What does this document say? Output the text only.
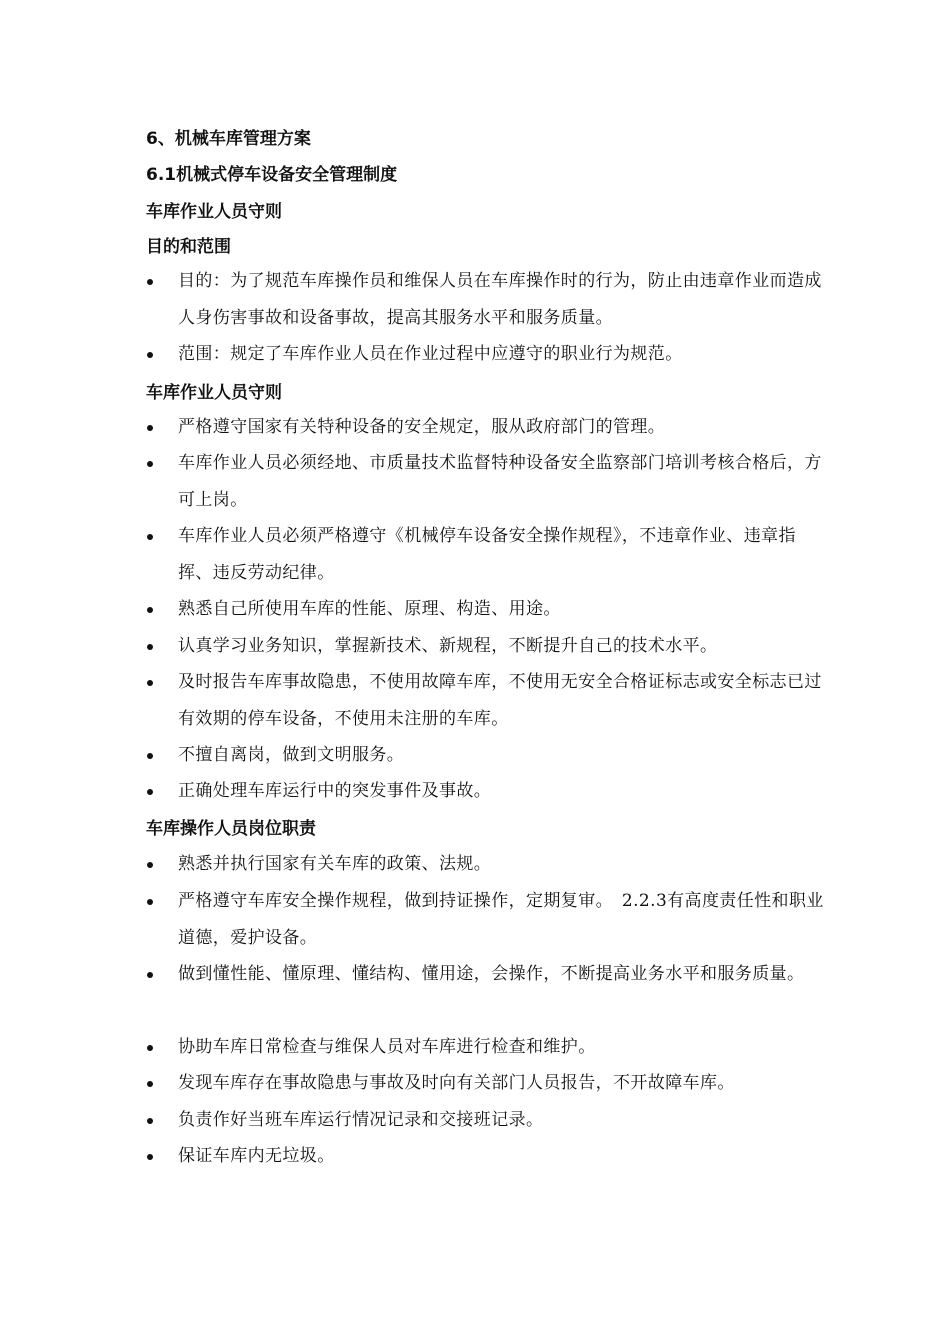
6、机械车库管理方案
6.1机械式停车设备安全管理制度
车库作业人员守则
目的和范围
目的：为了规范车库操作员和维保人员在车库操作时的行为，防止由违章作业而造成人身伤害事故和设备事故，提高其服务水平和服务质量。
范围：规定了车库作业人员在作业过程中应遵守的职业行为规范。
车库作业人员守则
严格遵守国家有关特种设备的安全规定，服从政府部门的管理。
车库作业人员必须经地、市质量技术监督特种设备安全监察部门培训考核合格后，方可上岗。
车库作业人员必须严格遵守《机械停车设备安全操作规程》，不违章作业、违章指挥、违反劳动纪律。
熟悉自己所使用车库的性能、原理、构造、用途。
认真学习业务知识，掌握新技术、新规程，不断提升自己的技术水平。
及时报告车库事故隐患，不使用故障车库，不使用无安全合格证标志或安全标志已过有效期的停车设备，不使用未注册的车库。
不擅自离岗，做到文明服务。
正确处理车库运行中的突发事件及事故。
车库操作人员岗位职责
熟悉并执行国家有关车库的政策、法规。
严格遵守车库安全操作规程，做到持证操作，定期复审。　2.2.3有高度责任性和职业道德，爱护设备。
做到懂性能、懂原理、懂结构、懂用途，会操作，不断提高业务水平和服务质量。
协助车库日常检查与维保人员对车库进行检查和维护。
发现车库存在事故隐患与事故及时向有关部门人员报告，不开故障车库。
负责作好当班车库运行情况记录和交接班记录。
保证车库内无垃圾。
